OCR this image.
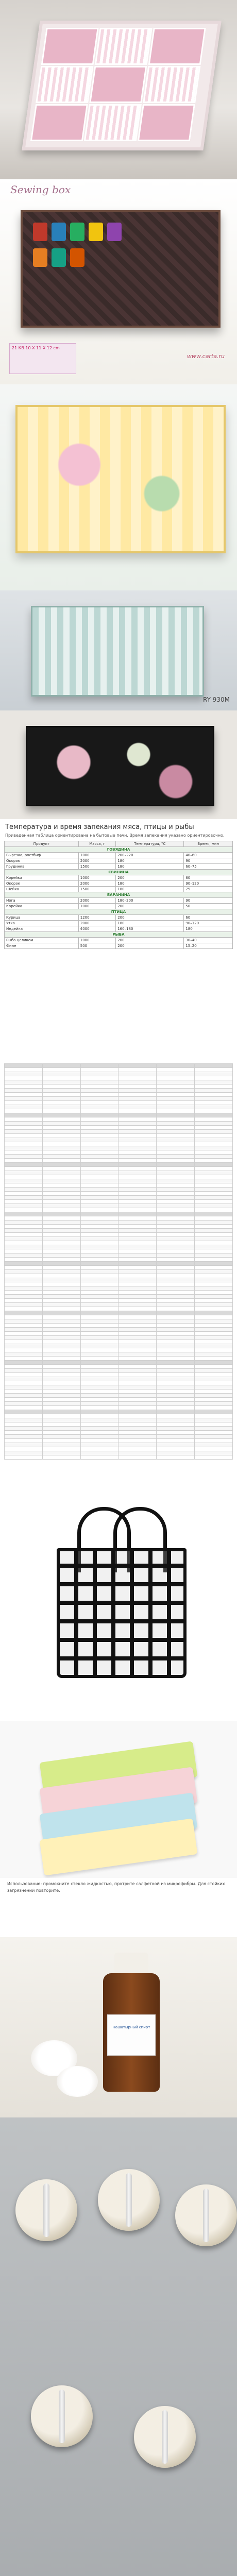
Sewing box
21 КВ 10 Х 11 Х 12 cm
www.carta.ru
RY 930M
Температура и время запекания мяса, птицы и рыбы
Приведенная таблица ориентирована на бытовые печи. Время запекания указано ориентировочно.
Продукт	Масса, г	Температура, °C	Время, мин
ГОВЯДИНА			
Вырезка, ростбиф	1000	200–220	40–60
Окорок	2000	180	90
Грудинка	1500	180	60–75
СВИНИНА			
Корейка	1000	200	60
Окорок	2000	180	90–120
Шейка	1500	180	75
БАРАНИНА			
Нога	2000	180–200	90
Корейка	1000	200	50
ПТИЦА			
Курица	1200	200	60
Утка	2000	180	90–120
Индейка	4000	160–180	180
РЫБА			
Рыба целиком	1000	200	30–40
Филе	500	200	15–20

Использование: промокните стекло жидкостью, протрите салфеткой из микрофибры. Для стойких загрязнений повторите.
Нашатырный спирт
